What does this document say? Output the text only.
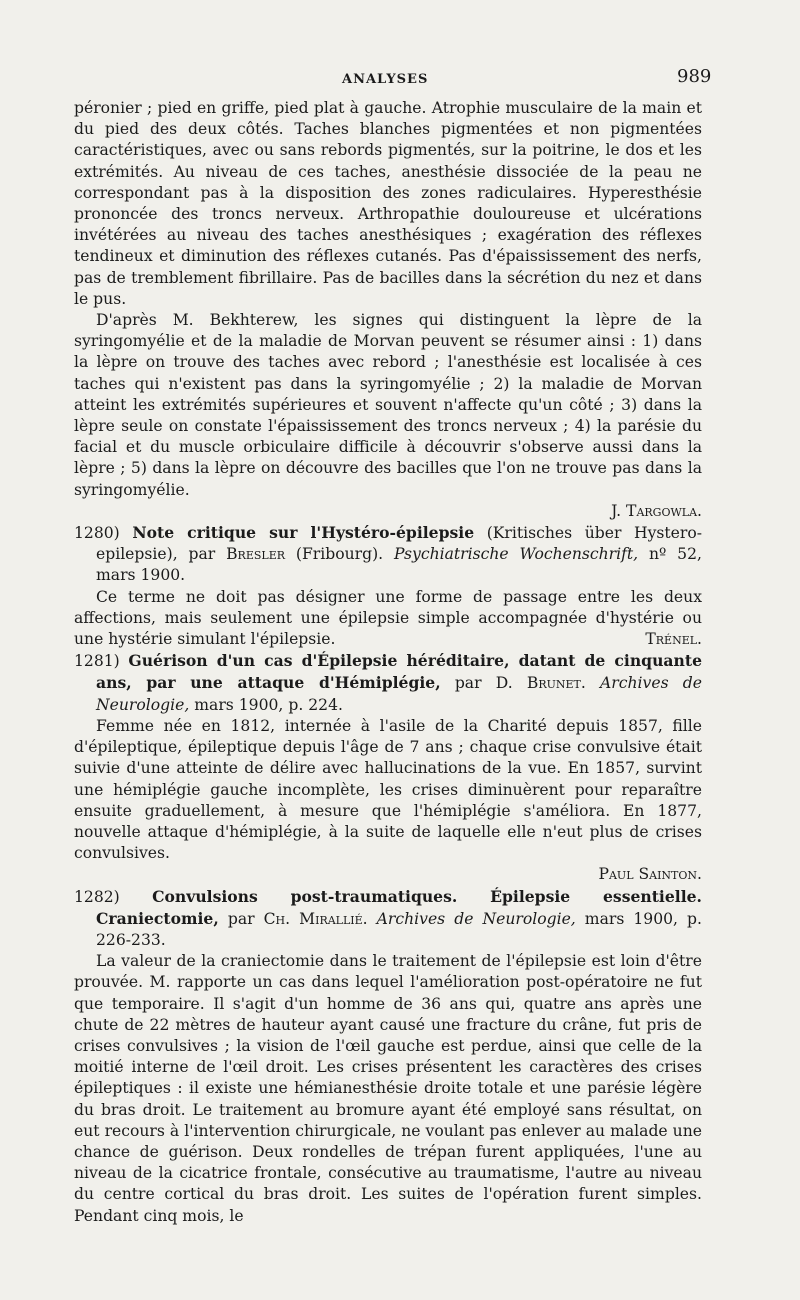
ANALYSES	989

péronier ; pied en griffe, pied plat à gauche. Atrophie musculaire de la main et du pied des deux côtés. Taches blanches pigmentées et non pigmentées caractéristiques, avec ou sans rebords pigmentés, sur la poitrine, le dos et les extrémités. Au niveau de ces taches, anesthésie dissociée de la peau ne correspondant pas à la disposition des zones radiculaires. Hyperesthésie prononcée des troncs nerveux. Arthropathie douloureuse et ulcérations invétérées au niveau des taches anesthésiques ; exagération des réflexes tendineux et diminution des réflexes cutanés. Pas d'épaississement des nerfs, pas de tremblement fibrillaire. Pas de bacilles dans la sécrétion du nez et dans le pus.

D'après M. Bekhterew, les signes qui distinguent la lèpre de la syringomyélie et de la maladie de Morvan peuvent se résumer ainsi : 1) dans la lèpre on trouve des taches avec rebord ; l'anesthésie est localisée à ces taches qui n'existent pas dans la syringomyélie ; 2) la maladie de Morvan atteint les extrémités supérieures et souvent n'affecte qu'un côté ; 3) dans la lèpre seule on constate l'épaississement des troncs nerveux ; 4) la parésie du facial et du muscle orbiculaire difficile à découvrir s'observe aussi dans la lèpre ; 5) dans la lèpre on découvre des bacilles que l'on ne trouve pas dans la syringomyélie.

J. Targowla.

1280) Note critique sur l'Hystéro-épilepsie (Kritisches über Hystero-epilepsie), par Bresler (Fribourg). Psychiatrische Wochenschrift, nº 52, mars 1900.

Ce terme ne doit pas désigner une forme de passage entre les deux affections, mais seulement une épilepsie simple accompagnée d'hystérie ou une hystérie simulant l'épilepsie.	Trénel.

1281) Guérison d'un cas d'Épilepsie héréditaire, datant de cinquante ans, par une attaque d'Hémiplégie, par D. Brunet. Archives de Neurologie, mars 1900, p. 224.

Femme née en 1812, internée à l'asile de la Charité depuis 1857, fille d'épileptique, épileptique depuis l'âge de 7 ans ; chaque crise convulsive était suivie d'une atteinte de délire avec hallucinations de la vue. En 1857, survint une hémiplégie gauche incomplète, les crises diminuèrent pour reparaître ensuite graduellement, à mesure que l'hémiplégie s'améliora. En 1877, nouvelle attaque d'hémiplégie, à la suite de laquelle elle n'eut plus de crises convulsives.

Paul Sainton.

1282) Convulsions post-traumatiques. Épilepsie essentielle. Craniectomie, par Ch. Mirallié. Archives de Neurologie, mars 1900, p. 226-233.

La valeur de la craniectomie dans le traitement de l'épilepsie est loin d'être prouvée. M. rapporte un cas dans lequel l'amélioration post-opératoire ne fut que temporaire. Il s'agit d'un homme de 36 ans qui, quatre ans après une chute de 22 mètres de hauteur ayant causé une fracture du crâne, fut pris de crises convulsives ; la vision de l'œil gauche est perdue, ainsi que celle de la moitié interne de l'œil droit. Les crises présentent les caractères des crises épileptiques : il existe une hémianesthésie droite totale et une parésie légère du bras droit. Le traitement au bromure ayant été employé sans résultat, on eut recours à l'intervention chirurgicale, ne voulant pas enlever au malade une chance de guérison. Deux rondelles de trépan furent appliquées, l'une au niveau de la cicatrice frontale, consécutive au traumatisme, l'autre au niveau du centre cortical du bras droit. Les suites de l'opération furent simples. Pendant cinq mois, le
